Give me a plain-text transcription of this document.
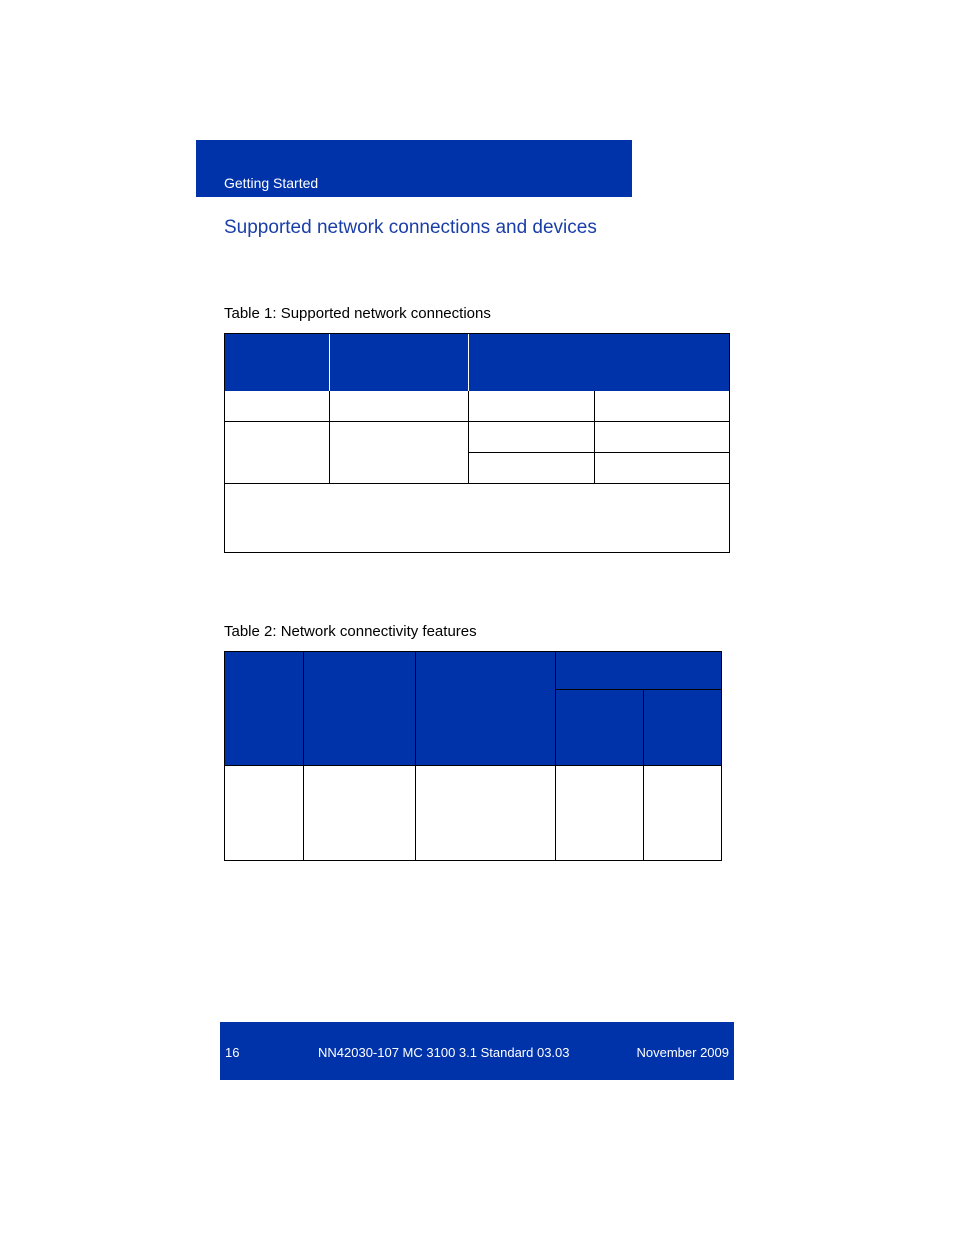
Getting Started
Supported network connections and devices
Table 1: Supported network connections
Table 2: Network connectivity features
16	NN42030-107 MC 3100 3.1 Standard 03.03	November 2009
